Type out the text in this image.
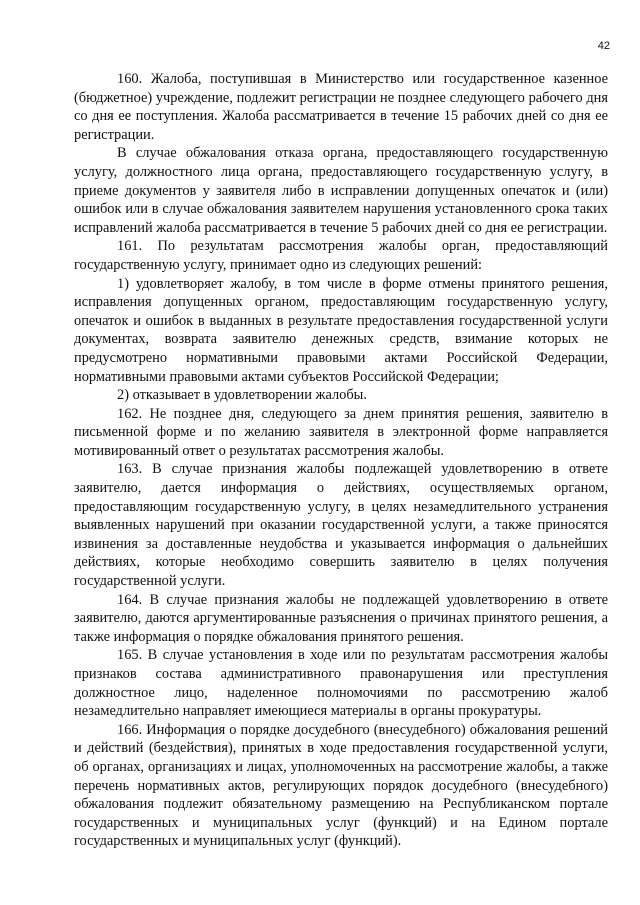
42

160. Жалоба, поступившая в Министерство или государственное казенное (бюджетное) учреждение, подлежит регистрации не позднее следующего рабочего дня со дня ее поступления. Жалоба рассматривается в течение 15 рабочих дней со дня ее регистрации.

В случае обжалования отказа органа, предоставляющего государственную услугу, должностного лица органа, предоставляющего государственную услугу, в приеме документов у заявителя либо в исправлении допущенных опечаток и (или) ошибок или в случае обжалования заявителем нарушения установленного срока таких исправлений жалоба рассматривается в течение 5 рабочих дней со дня ее регистрации.

161. По результатам рассмотрения жалобы орган, предоставляющий государственную услугу, принимает одно из следующих решений:

1) удовлетворяет жалобу, в том числе в форме отмены принятого решения, исправления допущенных органом, предоставляющим государственную услугу, опечаток и ошибок в выданных в результате предоставления государственной услуги документах, возврата заявителю денежных средств, взимание которых не предусмотрено нормативными правовыми актами Российской Федерации, нормативными правовыми актами субъектов Российской Федерации;

2) отказывает в удовлетворении жалобы.

162. Не позднее дня, следующего за днем принятия решения, заявителю в письменной форме и по желанию заявителя в электронной форме направляется мотивированный ответ о результатах рассмотрения жалобы.

163. В случае признания жалобы подлежащей удовлетворению в ответе заявителю, дается информация о действиях, осуществляемых органом, предоставляющим государственную услугу, в целях незамедлительного устранения выявленных нарушений при оказании государственной услуги, а также приносятся извинения за доставленные неудобства и указывается информация о дальнейших действиях, которые необходимо совершить заявителю в целях получения государственной услуги.

164. В случае признания жалобы не подлежащей удовлетворению в ответе заявителю, даются аргументированные разъяснения о причинах принятого решения, а также информация о порядке обжалования принятого решения.

165. В случае установления в ходе или по результатам рассмотрения жалобы признаков состава административного правонарушения или преступления должностное лицо, наделенное полномочиями по рассмотрению жалоб незамедлительно направляет имеющиеся материалы в органы прокуратуры.

166. Информация о порядке досудебного (внесудебного) обжалования решений и действий (бездействия), принятых в ходе предоставления государственной услуги, об органах, организациях и лицах, уполномоченных на рассмотрение жалобы, а также перечень нормативных актов, регулирующих порядок досудебного (внесудебного) обжалования подлежит обязательному размещению на Республиканском портале государственных и муниципальных услуг (функций) и на Едином портале государственных и муниципальных услуг (функций).
